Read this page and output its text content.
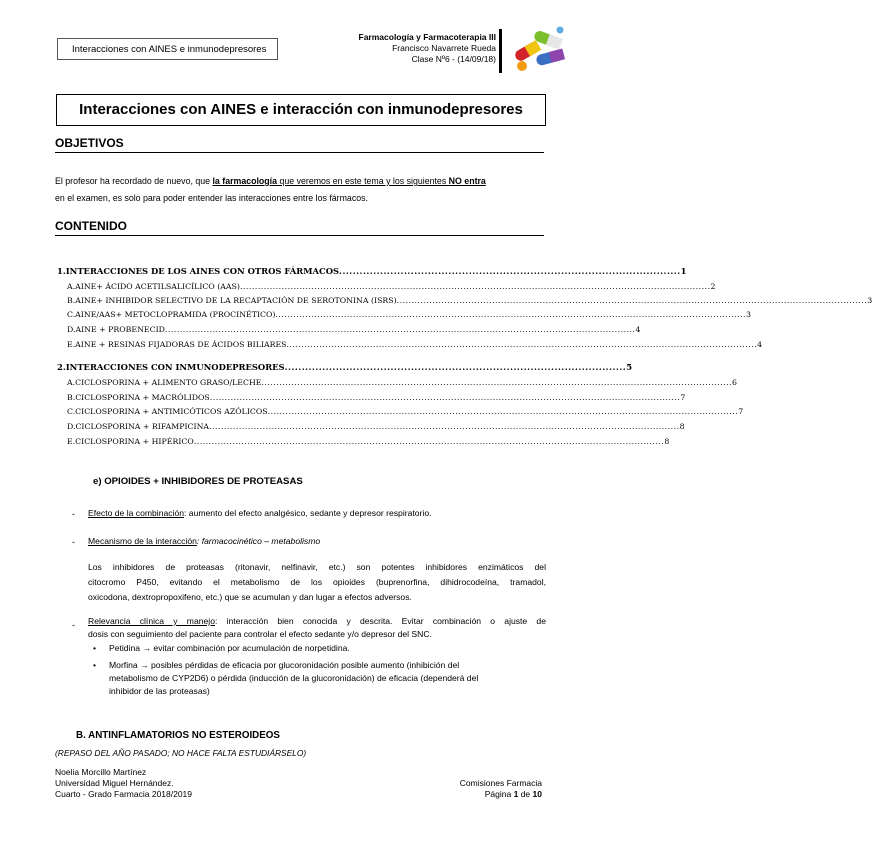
Interacciones con AINES e inmunodepresores
Farmacología y Farmacoterapia III
Francisco Navarrete Rueda
Clase Nº6 - (14/09/18)
Interacciones con AINES e interacción con inmunodepresores
OBJETIVOS
El profesor ha recordado de nuevo, que la farmacología que veremos en este tema y los siguientes NO entra
en el examen, es solo para poder entender las interacciones entre los fármacos.
CONTENIDO
1. INTERACCIONES DE LOS AINES CON OTROS FÁRMACOS .................................................................................................... 1
A. AINE+ ÁCIDO ACETILSALICÍLICO (AAS) .............................................................................................................................................................. 2
B. AINE+ INHIBIDOR SELECTIVO DE LA RECAPTACIÓN DE SEROTONINA (ISRS) .............................................................................................................................................................. 3
C. AINE/AAS+ METOCLOPRAMIDA (PROCINÉTICO) .............................................................................................................................................................. 3
D. AINE + PROBENECID .............................................................................................................................................................. 4
E. AINE + RESINAS FIJADORAS DE ÁCIDOS BILIARES .............................................................................................................................................................. 4
2. INTERACCIONES CON INMUNODEPRESORES .................................................................................................... 5
A. CICLOSPORINA + ALIMENTO GRASO/LECHE .............................................................................................................................................................. 6
B. CICLOSPORINA + MACRÓLIDOS .............................................................................................................................................................. 7
C. CICLOSPORINA + ANTIMICÓTICOS AZÓLICOS .............................................................................................................................................................. 7
D. CICLOSPORINA + RIFAMPICINA .............................................................................................................................................................. 8
E. CICLOSPORINA + HIPÉRICO .............................................................................................................................................................. 8
e) OPIOIDES + INHIBIDORES DE PROTEASAS
- Efecto de la combinación: aumento del efecto analgésico, sedante y depresor respiratorio.
- Mecanismo de la interacción: farmacocinético – metabolismo
Los inhibidores de proteasas (ritonavir, nelfinavir, etc.) son potentes inhibidores enzimáticos del
citocromo P450, evitando el metabolismo de los opioides (buprenorfina, dihidrocodeína, tramadol,
oxicodona, dextropropoxifeno, etc.) que se acumulan y dan lugar a efectos adversos.
- Relevancia clínica y manejo: interacción bien conocida y descrita. Evitar combinación o ajuste de
dosis con seguimiento del paciente para controlar el efecto sedante y/o depresor del SNC.
•	Petidina → evitar combinación por acumulación de norpetidina.
•	Morfina → posibles pérdidas de eficacia por glucoronidación posible aumento (inhibición del
metabolismo de CYP2D6) o pérdida (inducción de la glucoronidación) de eficacia (dependerá del
inhibidor de las proteasas)
B. ANTINFLAMATORIOS NO ESTEROIDEOS
(REPASO DEL AÑO PASADO; NO HACE FALTA ESTUDIÁRSELO)
Noelia Morcillo Martínez
Universidad Miguel Hernández.
Cuarto - Grado Farmacia 2018/2019
Comisiones Farmacia
Página 1 de 10
